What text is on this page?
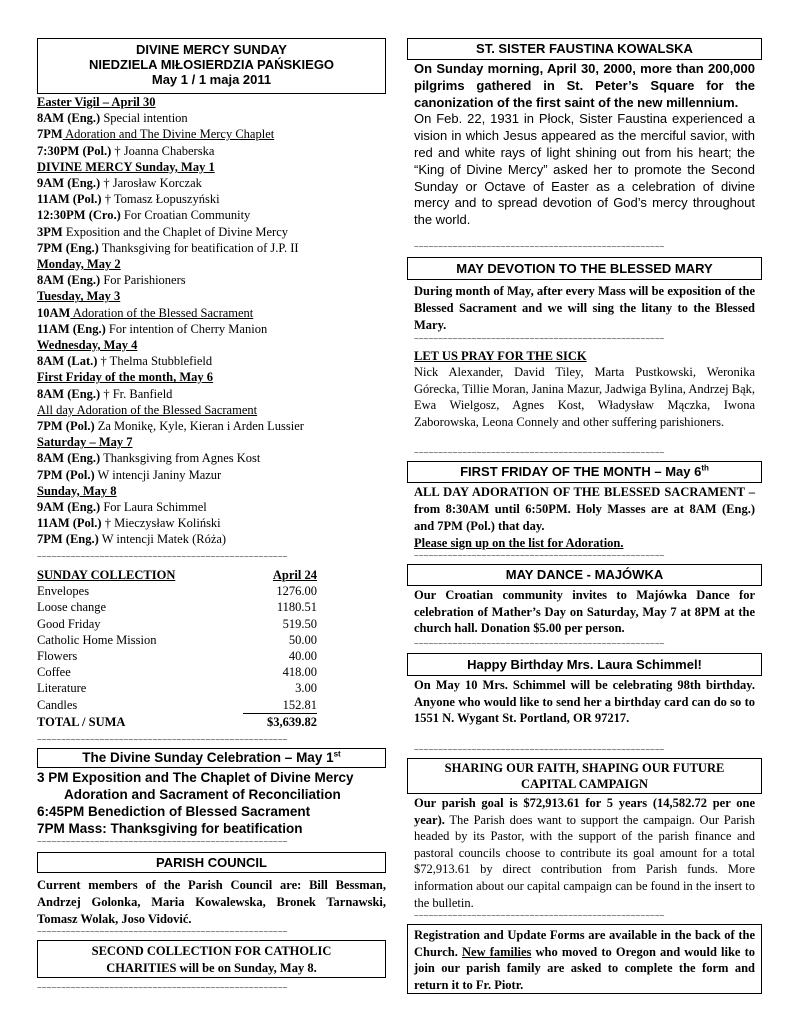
DIVINE MERCY SUNDAY
NIEDZIELA MIŁOSIERDZIA PAŃSKIEGO
May 1 / 1 maja 2011
Easter Vigil – April 30
8AM (Eng.) Special intention
7PM Adoration and The Divine Mercy Chaplet
7:30PM (Pol.) † Joanna Chaberska
DIVINE MERCY Sunday, May 1
9AM (Eng.) † Jarosław Korczak
11AM (Pol.) † Tomasz Łopuszyński
12:30PM (Cro.) For Croatian Community
3PM Exposition and the Chaplet of Divine Mercy
7PM (Eng.) Thanksgiving for beatification of J.P. II
Monday, May 2
8AM (Eng.) For Parishioners
Tuesday, May 3
10AM Adoration of the Blessed Sacrament
11AM (Eng.) For intention of Cherry Manion
Wednesday, May 4
8AM (Lat.) † Thelma Stubblefield
First Friday of the month, May 6
8AM (Eng.) † Fr. Banfield
All day Adoration of the Blessed Sacrament
7PM (Pol.) Za Monikę, Kyle, Kieran i Arden Lussier
Saturday – May 7
8AM (Eng.) Thanksgiving from Agnes Kost
7PM (Pol.) W intencji Janiny Mazur
Sunday, May 8
9AM (Eng.) For Laura Schimmel
11AM (Pol.) † Mieczysław Koliński
7PM (Eng.) W intencji Matek (Róża)
~~~~~~~~~~~~~~~~~~~~~~~~~~~~~~~~~~~~~~~~~~~~~~~~~~~~
SUNDAY COLLECTION	April 24
Envelopes	1276.00
Loose change	1180.51
Good Friday	519.50
Catholic Home Mission	50.00
Flowers	40.00
Coffee	418.00
Literature	3.00
Candles	152.81
TOTAL / SUMA	$3,639.82
~~~~~~~~~~~~~~~~~~~~~~~~~~~~~~~~~~~~~~~~~~~~~~~~~~~~
The Divine Sunday Celebration – May 1st
3 PM Exposition and The Chaplet of Divine Mercy
Adoration and Sacrament of Reconciliation
6:45PM Benediction of Blessed Sacrament
7PM Mass: Thanksgiving for beatification
~~~~~~~~~~~~~~~~~~~~~~~~~~~~~~~~~~~~~~~~~~~~~~~~~~~~
PARISH COUNCIL
Current members of the Parish Council are: Bill Bessman, Andrzej Golonka, Maria Kowalewska, Bronek Tarnawski, Tomasz Wolak, Joso Vidović.
~~~~~~~~~~~~~~~~~~~~~~~~~~~~~~~~~~~~~~~~~~~~~~~~~~~~
SECOND COLLECTION FOR CATHOLIC
CHARITIES will be on Sunday, May 8.
~~~~~~~~~~~~~~~~~~~~~~~~~~~~~~~~~~~~~~~~~~~~~~~~~~~~
ST. SISTER FAUSTINA KOWALSKA
On Sunday morning, April 30, 2000, more than 200,000 pilgrims gathered in St. Peter’s Square for the canonization of the first saint of the new millennium.
On Feb. 22, 1931 in Płock, Sister Faustina experienced a vision in which Jesus appeared as the merciful savior, with red and white rays of light shining out from his heart; the “King of Divine Mercy” asked her to promote the Second Sunday or Octave of Easter as a celebration of divine mercy and to spread devotion of God’s mercy throughout the world.
~~~~~~~~~~~~~~~~~~~~~~~~~~~~~~~~~~~~~~~~~~~~~~~~~~~~
MAY DEVOTION TO THE BLESSED MARY
During month of May, after every Mass will be exposition of the Blessed Sacrament and we will sing the litany to the Blessed Mary.
~~~~~~~~~~~~~~~~~~~~~~~~~~~~~~~~~~~~~~~~~~~~~~~~~~~~
LET US PRAY FOR THE SICK
Nick Alexander, David Tiley, Marta Pustkowski, Weronika Górecka, Tillie Moran, Janina Mazur, Jadwiga Bylina, Andrzej Bąk, Ewa Wielgosz, Agnes Kost, Władysław Mączka, Iwona Zaborowska, Leona Connely and other suffering parishioners.
~~~~~~~~~~~~~~~~~~~~~~~~~~~~~~~~~~~~~~~~~~~~~~~~~~~~
FIRST FRIDAY OF THE MONTH – May 6th
ALL DAY ADORATION OF THE BLESSED SACRAMENT – from 8:30AM until 6:50PM. Holy Masses are at 8AM (Eng.) and 7PM (Pol.) that day.
Please sign up on the list for Adoration.
~~~~~~~~~~~~~~~~~~~~~~~~~~~~~~~~~~~~~~~~~~~~~~~~~~~~
MAY DANCE - MAJÓWKA
Our Croatian community invites to Majówka Dance for celebration of Mather’s Day on Saturday, May 7 at 8PM at the church hall. Donation $5.00 per person.
~~~~~~~~~~~~~~~~~~~~~~~~~~~~~~~~~~~~~~~~~~~~~~~~~~~~
Happy Birthday Mrs. Laura Schimmel!
On May 10 Mrs. Schimmel will be celebrating 98th birthday. Anyone who would like to send her a birthday card can do so to 1551 N. Wygant St. Portland, OR 97217.
~~~~~~~~~~~~~~~~~~~~~~~~~~~~~~~~~~~~~~~~~~~~~~~~~~~~
SHARING OUR FAITH, SHAPING OUR FUTURE
CAPITAL CAMPAIGN
Our parish goal is $72,913.61 for 5 years (14,582.72 per one year). The Parish does want to support the campaign. Our Parish headed by its Pastor, with the support of the parish finance and pastoral councils choose to contribute its goal amount for a total $72,913.61 by direct contribution from Parish funds. More information about our capital campaign can be found in the insert to the bulletin.
~~~~~~~~~~~~~~~~~~~~~~~~~~~~~~~~~~~~~~~~~~~~~~~~~~~~
Registration and Update Forms are available in the back of the Church. New families who moved to Oregon and would like to join our parish family are asked to complete the form and return it to Fr. Piotr.
